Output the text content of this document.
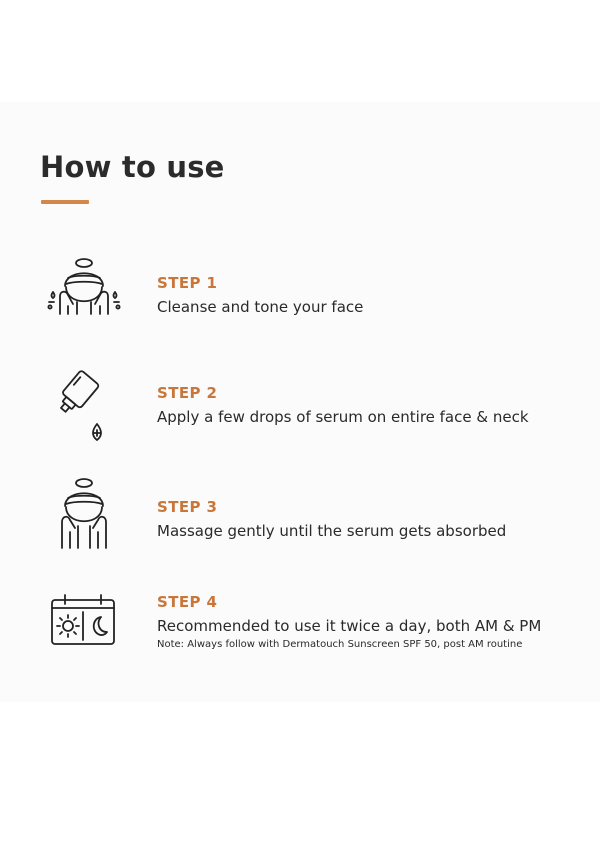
How to use
STEP 1
Cleanse and tone your face
STEP 2
Apply a few drops of serum on entire face & neck
STEP 3
Massage gently until the serum gets absorbed
STEP 4
Recommended to use it twice a day, both AM & PM
Note: Always follow with Dermatouch Sunscreen SPF 50, post AM routine
